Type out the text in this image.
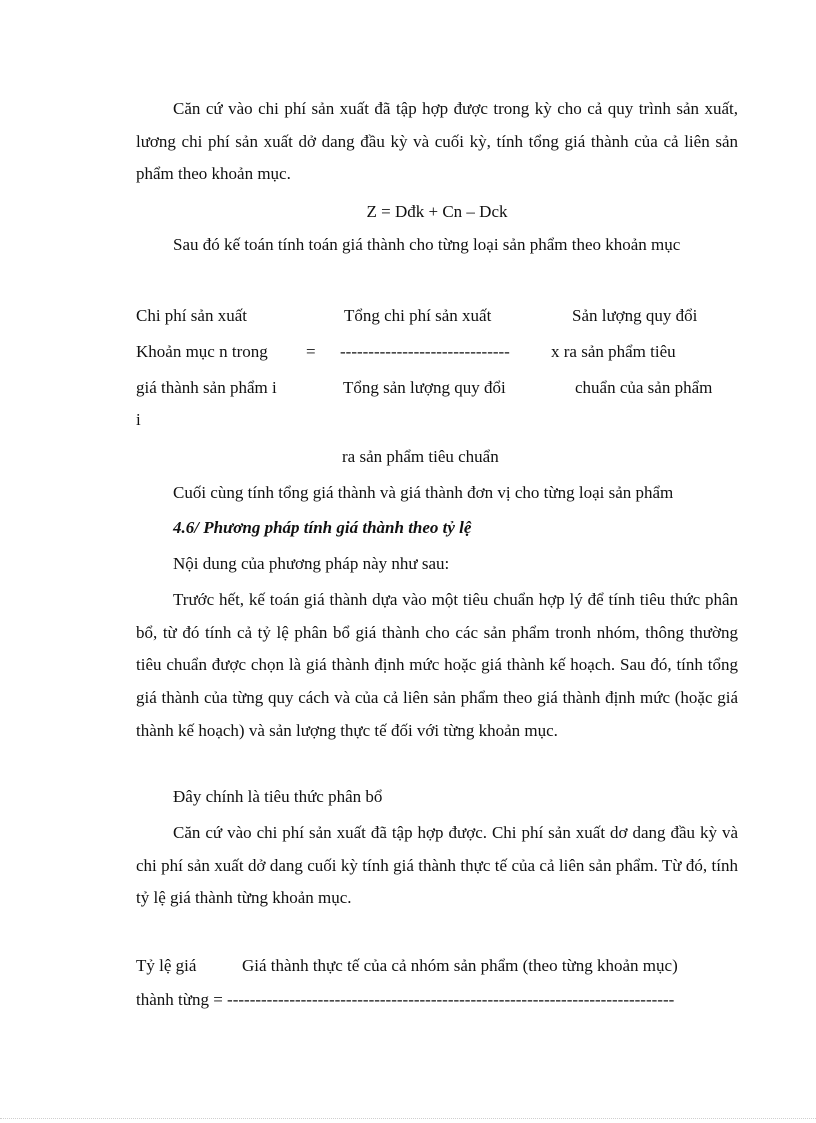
Căn cứ vào chi phí sản xuất đã tập hợp được trong kỳ cho cả quy trình sản xuất, lương chi phí sản xuất dở dang đầu kỳ và cuối kỳ, tính tổng giá thành của cả liên sản phẩm theo khoản mục.
Z = Dđk + Cn – Dck
Sau đó kế toán tính toán giá thành cho từng loại sản phẩm theo khoản mục
Chi phí sản xuất
Khoản mục n trong
giá thành sản phẩm i
i
=
Tổng chi phí sản xuất
------------------------------
Tổng sản lượng quy đổi
ra sản phẩm tiêu chuẩn
Sản lượng quy đổi
x ra sản phẩm tiêu
chuẩn của sản phẩm
Cuối cùng tính tổng giá thành và giá thành đơn vị cho từng loại sản phẩm
4.6/ Phương pháp tính giá thành theo tỷ lệ
Nội dung của phương pháp này như sau:
Trước hết, kế toán giá thành dựa vào một tiêu chuẩn hợp lý để tính tiêu thức phân bổ, từ đó tính cả tỷ lệ phân bổ giá thành cho các sản phẩm tronh nhóm, thông thường tiêu chuẩn được chọn là giá thành định mức hoặc giá thành kế hoạch. Sau đó, tính tổng giá thành của từng quy cách và của cả liên sản phẩm theo giá thành định mức (hoặc giá thành kế hoạch) và sản lượng thực tế đối với từng khoản mục.
Đây chính là tiêu thức phân bổ
Căn cứ vào chi phí sản xuất đã tập hợp được. Chi phí sản xuất dơ dang đầu kỳ và chi phí sản xuất dở dang cuối kỳ tính giá thành thực tế của cả liên sản phẩm. Từ đó, tính tỷ lệ giá thành từng khoản mục.
Tỷ lệ giá	Giá thành thực tế của cả nhóm sản phẩm (theo từng khoản mục)
thành từng = -------------------------------------------------------------------------------
